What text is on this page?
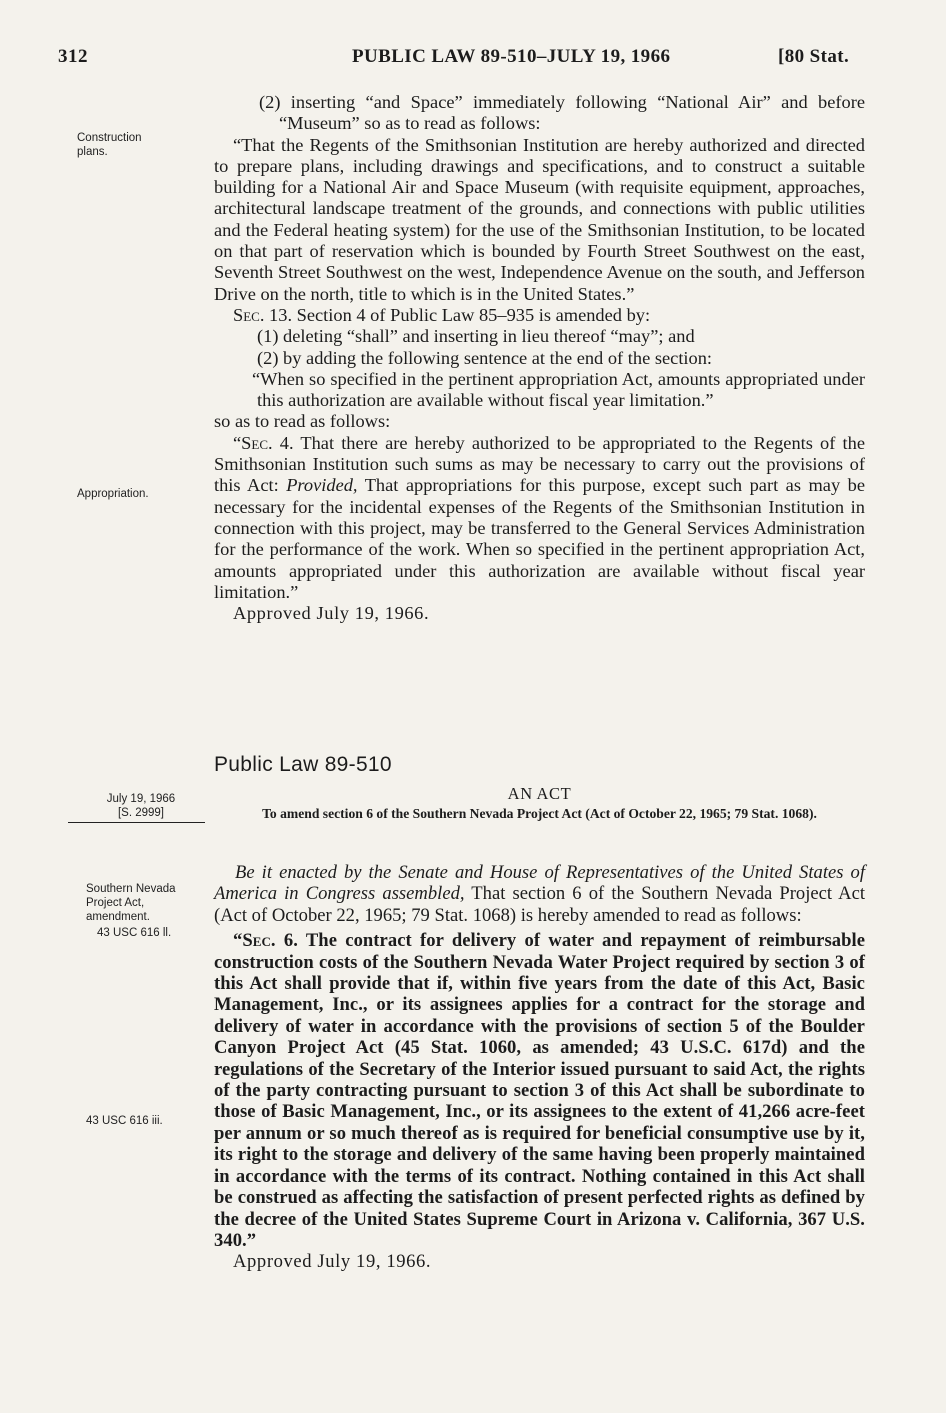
312	PUBLIC LAW 89-510–JULY 19, 1966	[80 Stat.
Construction
plans.
Appropriation.
July 19, 1966
[S. 2999]
Southern Nevada
Project Act,
amendment.
43 USC 616 ll.
43 USC 616 iii.

(2) inserting “and Space” immediately following “National Air” and before “Museum” so as to read as follows:

“That the Regents of the Smithsonian Institution are hereby authorized and directed to prepare plans, including drawings and specifications, and to construct a suitable building for a National Air and Space Museum (with requisite equipment, approaches, architectural landscape treatment of the grounds, and connections with public utilities and the Federal heating system) for the use of the Smithsonian Institution, to be located on that part of reservation which is bounded by Fourth Street Southwest on the east, Seventh Street Southwest on the west, Independence Avenue on the south, and Jefferson Drive on the north, title to which is in the United States.”

Sec. 13. Section 4 of Public Law 85–935 is amended by:

(1) deleting “shall” and inserting in lieu thereof “may”; and

(2) by adding the following sentence at the end of the section:

“When so specified in the pertinent appropriation Act, amounts appropriated under this authorization are available without fiscal year limitation.”

so as to read as follows:

“Sec. 4. That there are hereby authorized to be appropriated to the Regents of the Smithsonian Institution such sums as may be necessary to carry out the provisions of this Act: Provided, That appropriations for this purpose, except such part as may be necessary for the incidental expenses of the Regents of the Smithsonian Institution in connection with this project, may be transferred to the General Services Administration for the performance of the work. When so specified in the pertinent appropriation Act, amounts appropriated under this authorization are available without fiscal year limitation.”

Approved July 19, 1966.

Public Law 89-510
AN ACT
To amend section 6 of the Southern Nevada Project Act (Act of October 22, 1965; 79 Stat. 1068).

Be it enacted by the Senate and House of Representatives of the United States of America in Congress assembled, That section 6 of the Southern Nevada Project Act (Act of October 22, 1965; 79 Stat. 1068) is hereby amended to read as follows:

“Sec. 6. The contract for delivery of water and repayment of reimbursable construction costs of the Southern Nevada Water Project required by section 3 of this Act shall provide that if, within five years from the date of this Act, Basic Management, Inc., or its assignees applies for a contract for the storage and delivery of water in accordance with the provisions of section 5 of the Boulder Canyon Project Act (45 Stat. 1060, as amended; 43 U.S.C. 617d) and the regulations of the Secretary of the Interior issued pursuant to said Act, the rights of the party contracting pursuant to section 3 of this Act shall be subordinate to those of Basic Management, Inc., or its assignees to the extent of 41,266 acre-feet per annum or so much thereof as is required for beneficial consumptive use by it, its right to the storage and delivery of the same having been properly maintained in accordance with the terms of its contract. Nothing contained in this Act shall be construed as affecting the satisfaction of present perfected rights as defined by the decree of the United States Supreme Court in Arizona v. California, 367 U.S. 340.”

Approved July 19, 1966.
